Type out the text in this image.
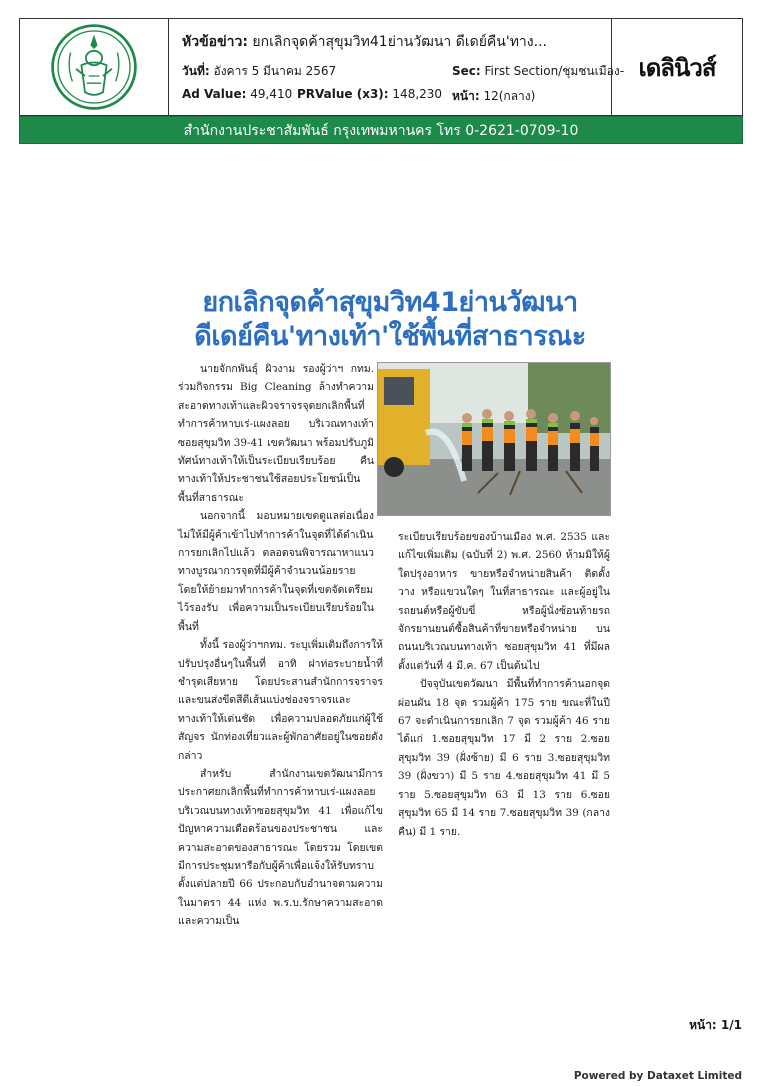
หัวข้อข่าว: ยกเลิกจุดค้าสุขุมวิท41ย่านวัฒนา ดีเดย์คืน'ทาง...
วันที่: อังคาร 5 มีนาคม 2567	Sec: First Section/ชุมชนเมือง-
Ad Value: 49,410 PRValue (x3): 148,230 หน้า: 12(กลาง)
เดลินิวส์
สำนักงานประชาสัมพันธ์ กรุงเทพมหานคร โทร 0-2621-0709-10
ยกเลิกจุดค้าสุขุมวิท41ย่านวัฒนา
ดีเดย์คืน'ทางเท้า'ใช้พื้นที่สาธารณะ

นายจักกพันธุ์ ผิวงาม รองผู้ว่าฯ กทม. ร่วมกิจกรรม Big Cleaning ล้างทำความสะอาดทางเท้าและผิวจราจรจุดยกเลิกพื้นที่ทำการค้าหาบเร่-แผงลอย บริเวณทางเท้าซอยสุขุมวิท 39-41 เขตวัฒนา พร้อมปรับภูมิทัศน์ทางเท้าให้เป็นระเบียบเรียบร้อย คืนทางเท้าให้ประชาชนใช้สอยประโยชน์เป็นพื้นที่สาธารณะ

นอกจากนี้ มอบหมายเขตดูแลต่อเนื่องไม่ให้มีผู้ค้าเข้าไปทำการค้าในจุดที่ได้ดำเนินการยกเลิกไปแล้ว ตลอดจนพิจารณาหาแนวทางบูรณาการจุดที่มีผู้ค้าจำนวนน้อยราย โดยให้ย้ายมาทำการค้าในจุดที่เขตจัดเตรียมไว้รองรับ เพื่อความเป็นระเบียบเรียบร้อยในพื้นที่

ทั้งนี้ รองผู้ว่าฯกทม. ระบุเพิ่มเติมถึงการให้ปรับปรุงอื่นๆในพื้นที่ อาทิ ฝาท่อระบายน้ำที่ชำรุดเสียหาย โดยประสานสำนักการจราจรและขนส่งขีดสีตีเส้นแบ่งช่องจราจรและทางเท้าให้เด่นชัด เพื่อความปลอดภัยแก่ผู้ใช้สัญจร นักท่องเที่ยวและผู้พักอาศัยอยู่ในซอยดังกล่าว

สำหรับ สำนักงานเขตวัฒนามีการประกาศยกเลิกพื้นที่ทำการค้าหาบเร่-แผงลอย บริเวณบนทางเท้าซอยสุขุมวิท 41 เพื่อแก้ไขปัญหาความเดือดร้อนของประชาชน และความสะอาดของสาธารณะ โดยรวม โดยเขตมีการประชุมหารือกับผู้ค้าเพื่อแจ้งให้รับทราบตั้งแต่ปลายปี 66 ประกอบกับอำนาจตามความในมาตรา 44 แห่ง พ.ร.บ.รักษาความสะอาดและความเป็น

ระเบียบเรียบร้อยของบ้านเมือง พ.ศ. 2535 และแก้ไขเพิ่มเติม (ฉบับที่ 2) พ.ศ. 2560 ห้ามมิให้ผู้ใดปรุงอาหาร ขายหรือจำหน่ายสินค้า ติดตั้ง วาง หรือแขวนใดๆ ในที่สาธารณะ และผู้อยู่ในรถยนต์หรือผู้ขับขี่ หรือผู้นั่งซ้อนท้ายรถจักรยานยนต์ซื้อสินค้าที่ขายหรือจำหน่าย บนถนนบริเวณบนทางเท้า ซอยสุขุมวิท 41 ที่มีผลตั้งแต่วันที่ 4 มี.ค. 67 เป็นต้นไป

ปัจจุบันเขตวัฒนา มีพื้นที่ทำการค้านอกจุดผ่อนผัน 18 จุด รวมผู้ค้า 175 ราย ขณะที่ในปี 67 จะดำเนินการยกเลิก 7 จุด รวมผู้ค้า 46 ราย ได้แก่ 1.ซอยสุขุมวิท 17 มี 2 ราย 2.ซอยสุขุมวิท 39 (ฝั่งซ้าย) มี 6 ราย 3.ซอยสุขุมวิท 39 (ฝั่งขวา) มี 5 ราย 4.ซอยสุขุมวิท 41 มี 5 ราย 5.ซอยสุขุมวิท 63 มี 13 ราย 6.ซอยสุขุมวิท 65 มี 14 ราย 7.ซอยสุขุมวิท 39 (กลางคืน) มี 1 ราย.

หน้า: 1/1
Powered by Dataxet Limited
